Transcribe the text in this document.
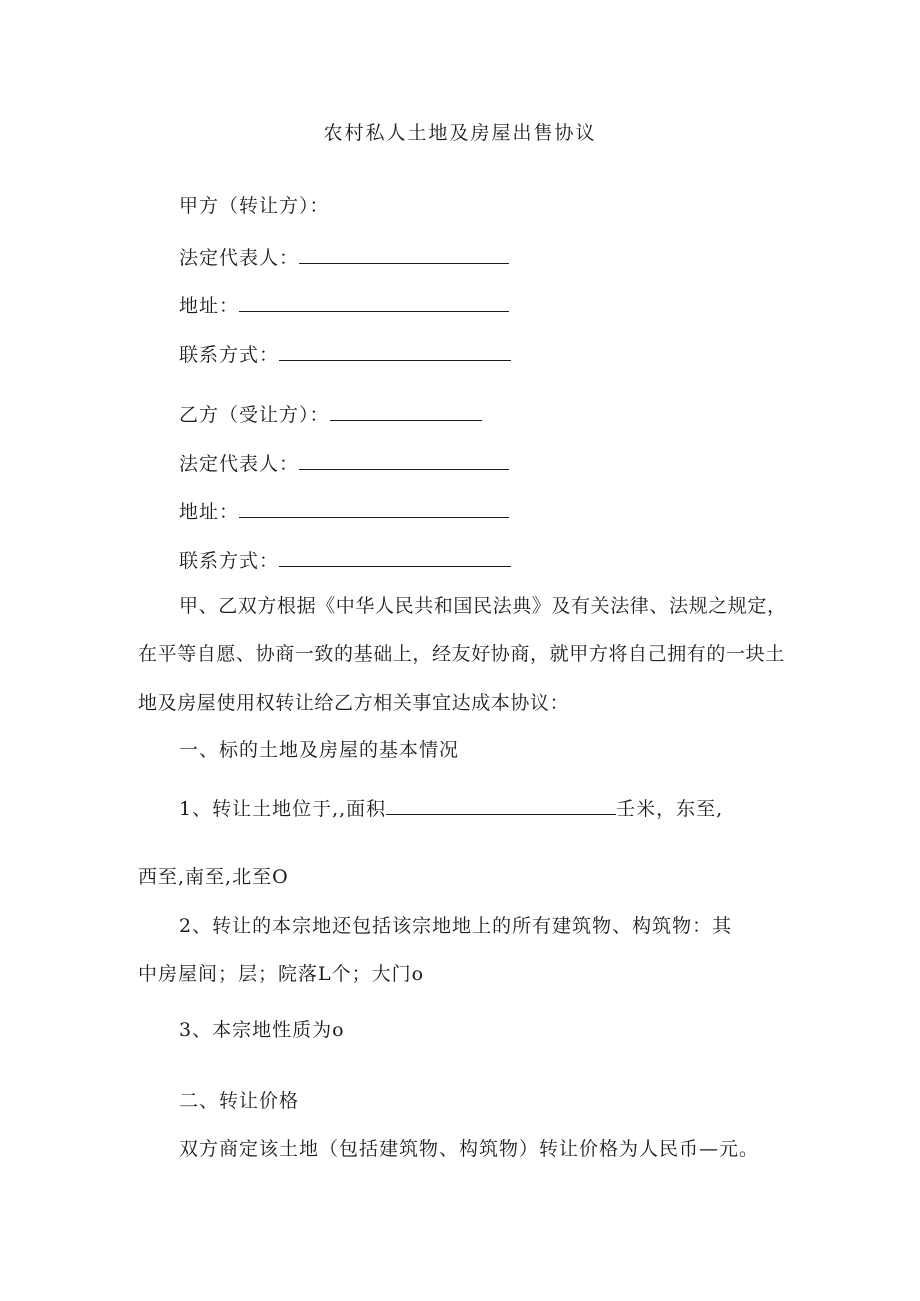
农村私人土地及房屋出售协议
甲方（转让方）：
法定代表人：
地址：
联系方式：
乙方（受让方）：
法定代表人：
地址：
联系方式：
甲、乙双方根据《中华人民共和国民法典》及有关法律、法规之规定，
在平等自愿、协商一致的基础上，经友好协商，就甲方将自己拥有的一块土
地及房屋使用权转让给乙方相关事宜达成本协议：
一、标的土地及房屋的基本情况
1、转让土地位于,,面积	壬米，东至,
西至,南至,北至O
2、转让的本宗地还包括该宗地地上的所有建筑物、构筑物：其
中房屋间；层；院落L个；大门o
3、本宗地性质为o
二、转让价格
双方商定该土地（包括建筑物、构筑物）转让价格为人民币—元。
